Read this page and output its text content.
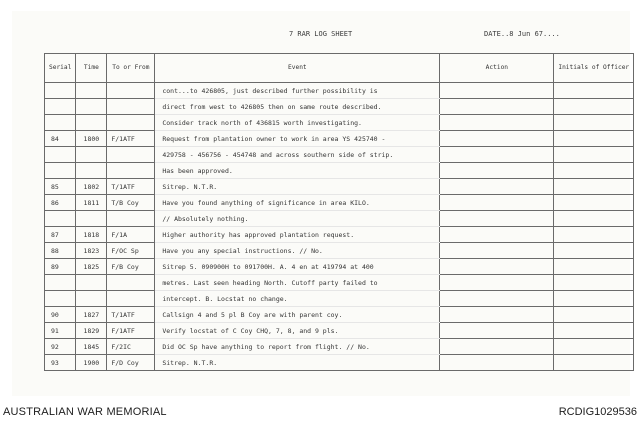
7 RAR LOG SHEET	DATE..8 Jun 67....
Serial	Time	To or From	Event	Action	Initials of Officer
			cont...to 426805, just described further possibility is		
			direct from west to 426805 then on same route described.		
			Consider track north of 436815 worth investigating.		
84	1800	F/1ATF	Request from plantation owner to work in area YS 425740 -		
			429758 - 456756 - 454748 and across southern side of strip.		
			Has been approved.		
85	1802	T/1ATF	Sitrep. N.T.R.		
86	1811	T/B Coy	Have you found anything of significance in area KILO.		
			// Absolutely nothing.		
87	1818	F/1A	Higher authority has approved plantation request.		
88	1823	F/OC Sp	Have you any special instructions. // No.		
89	1825	F/B Coy	Sitrep 5. 090900H to 091700H. A. 4 en at 419794 at 400		
			metres. Last seen heading North. Cutoff party failed to		
			intercept. B. Locstat no change.		
90	1827	T/1ATF	Callsign 4 and 5 pl B Coy are with parent coy.		
91	1829	F/1ATF	Verify locstat of C Coy CHQ, 7, 8, and 9 pls.		
92	1845	F/2IC	Did OC Sp have anything to report from flight. // No.		
93	1900	F/D Coy	Sitrep. N.T.R.		
AUSTRALIAN WAR MEMORIAL	RCDIG1029536
